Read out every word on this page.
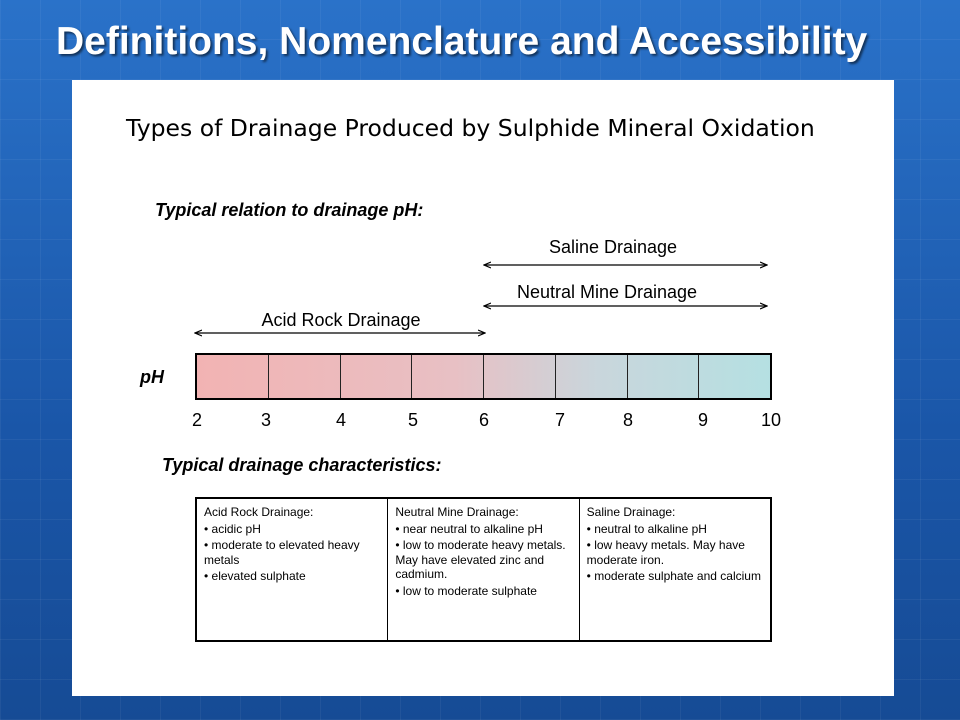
Definitions, Nomenclature and Accessibility
Types of Drainage Produced by Sulphide Mineral Oxidation
Typical relation to drainage pH:
Saline Drainage
Neutral Mine Drainage
Acid Rock Drainage
pH
2	3	4	5	6	7	8	9	10
Typical drainage characteristics:
Acid Rock Drainage:
• acidic pH
• moderate to elevated heavy metals
• elevated sulphate
Neutral Mine Drainage:
• near neutral to alkaline pH
• low to moderate heavy metals. May have elevated zinc and cadmium.
• low to moderate sulphate
Saline Drainage:
• neutral to alkaline pH
• low heavy metals. May have moderate iron.
• moderate sulphate and calcium
